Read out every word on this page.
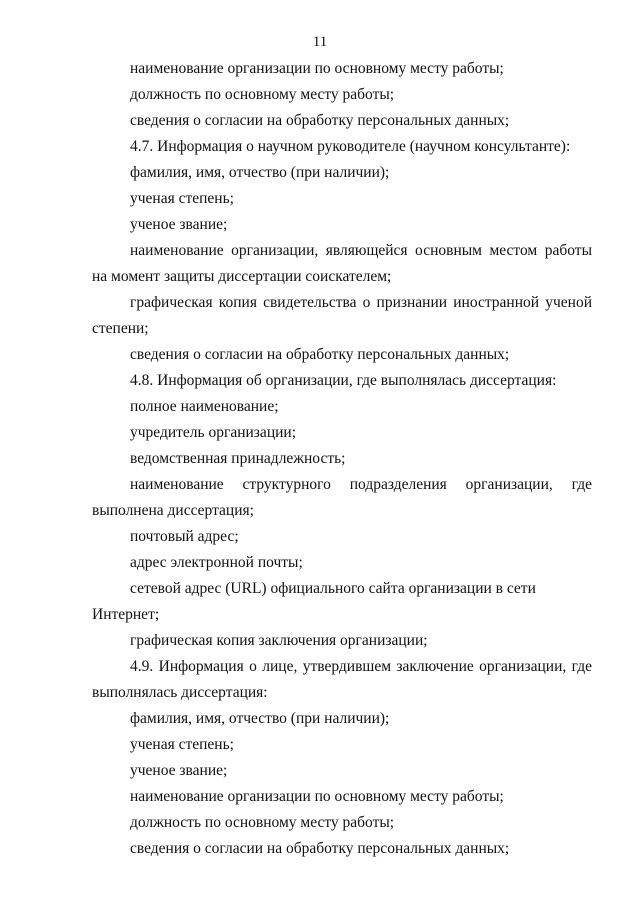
11

наименование организации по основному месту работы;

должность по основному месту работы;

сведения о согласии на обработку персональных данных;

4.7. Информация о научном руководителе (научном консультанте):

фамилия, имя, отчество (при наличии);

ученая степень;

ученое звание;

наименование организации, являющейся основным местом работы на момент защиты диссертации соискателем;

графическая копия свидетельства о признании иностранной ученой степени;

сведения о согласии на обработку персональных данных;

4.8. Информация об организации, где выполнялась диссертация:

полное наименование;

учредитель организации;

ведомственная принадлежность;

наименование структурного подразделения организации, где выполнена диссертация;

почтовый адрес;

адрес электронной почты;

сетевой адрес (URL) официального сайта организации в сети Интернет;

графическая копия заключения организации;

4.9. Информация о лице, утвердившем заключение организации, где выполнялась диссертация:

фамилия, имя, отчество (при наличии);

ученая степень;

ученое звание;

наименование организации по основному месту работы;

должность по основному месту работы;

сведения о согласии на обработку персональных данных;
